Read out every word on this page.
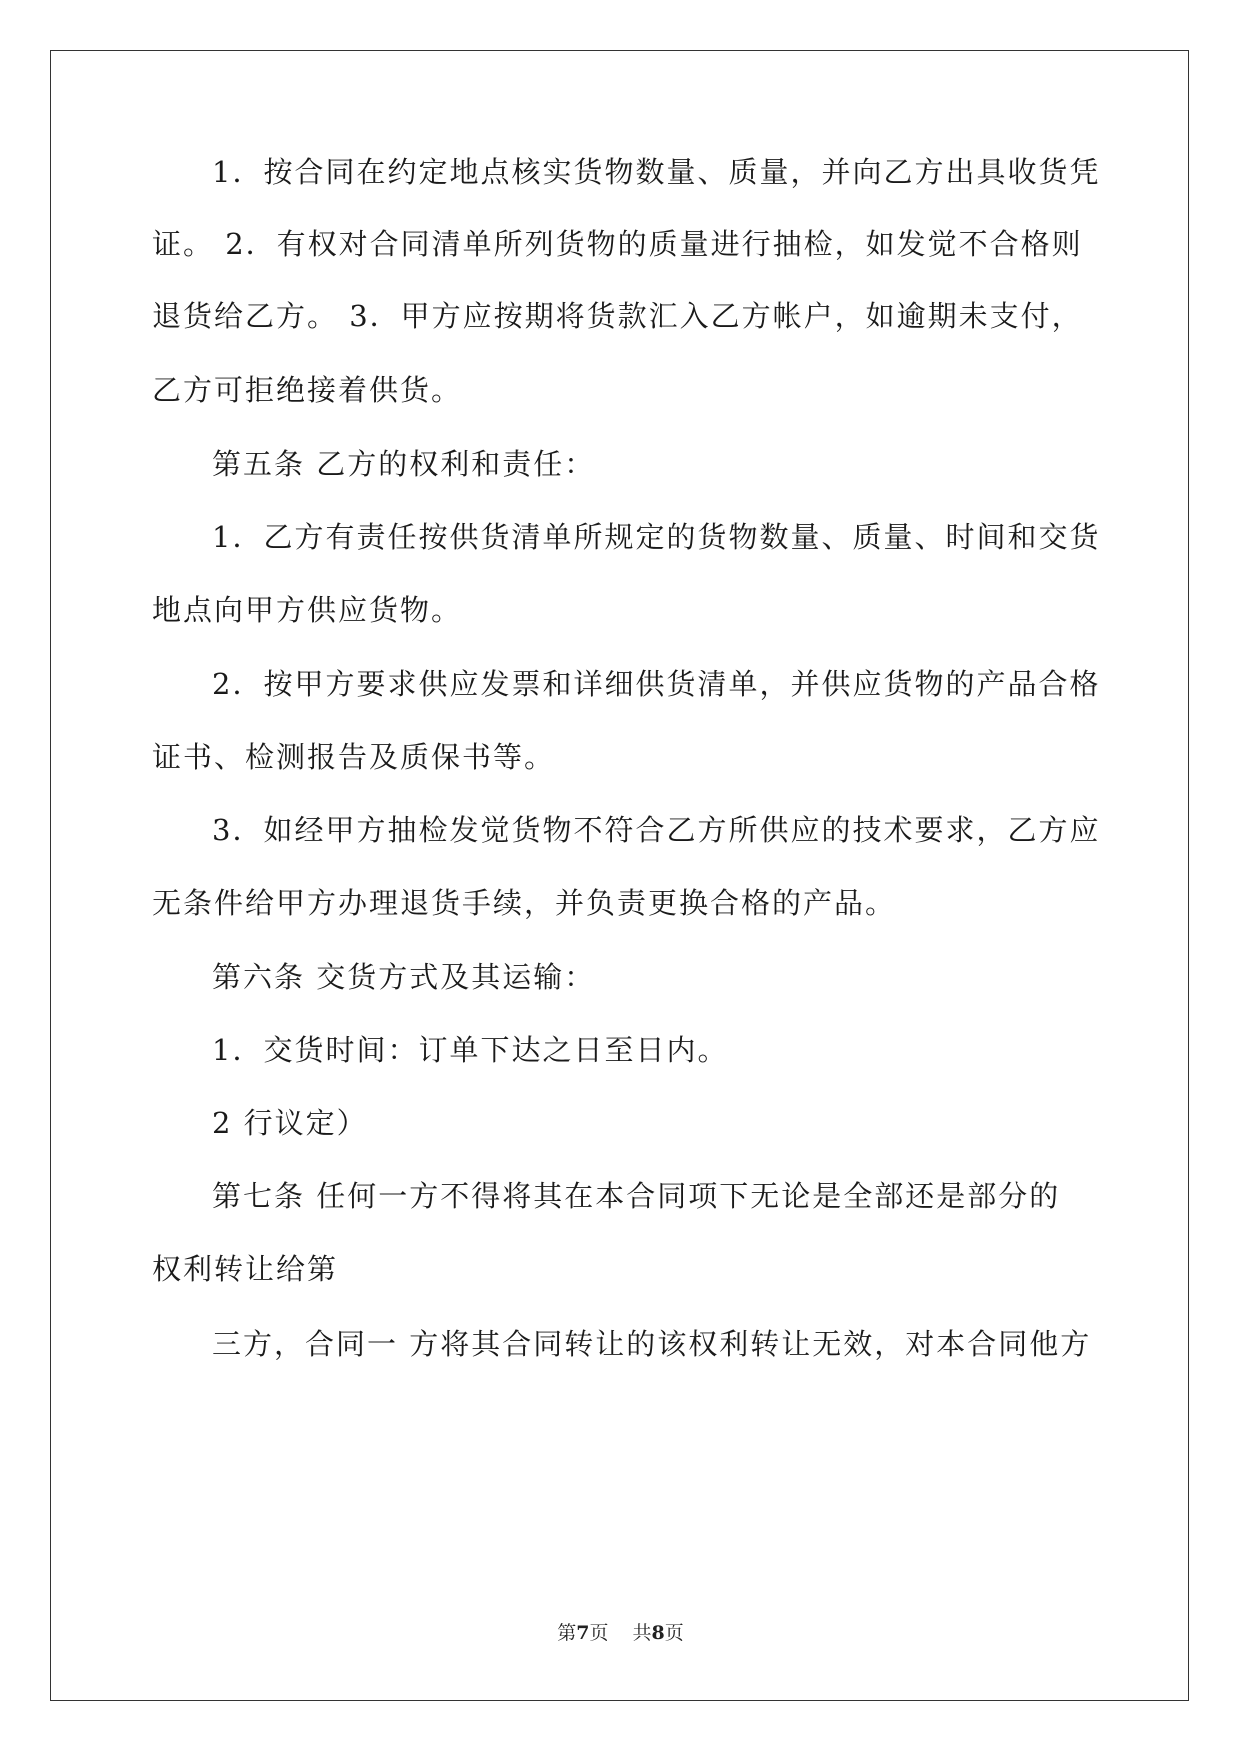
1．按合同在约定地点核实货物数量、质量，并向乙方出具收货凭
证。 2．有权对合同清单所列货物的质量进行抽检，如发觉不合格则
退货给乙方。 3．甲方应按期将货款汇入乙方帐户，如逾期未支付，
乙方可拒绝接着供货。
第五条 乙方的权利和责任：
1．乙方有责任按供货清单所规定的货物数量、质量、时间和交货
地点向甲方供应货物。
2．按甲方要求供应发票和详细供货清单，并供应货物的产品合格
证书、检测报告及质保书等。
3．如经甲方抽检发觉货物不符合乙方所供应的技术要求，乙方应
无条件给甲方办理退货手续，并负责更换合格的产品。
第六条 交货方式及其运输：
1．交货时间：订单下达之日至日内。
2 行议定）
第七条 任何一方不得将其在本合同项下无论是全部还是部分的
权利转让给第
三方，合同一 方将其合同转让的该权利转让无效，对本合同他方
第7页 共8页
